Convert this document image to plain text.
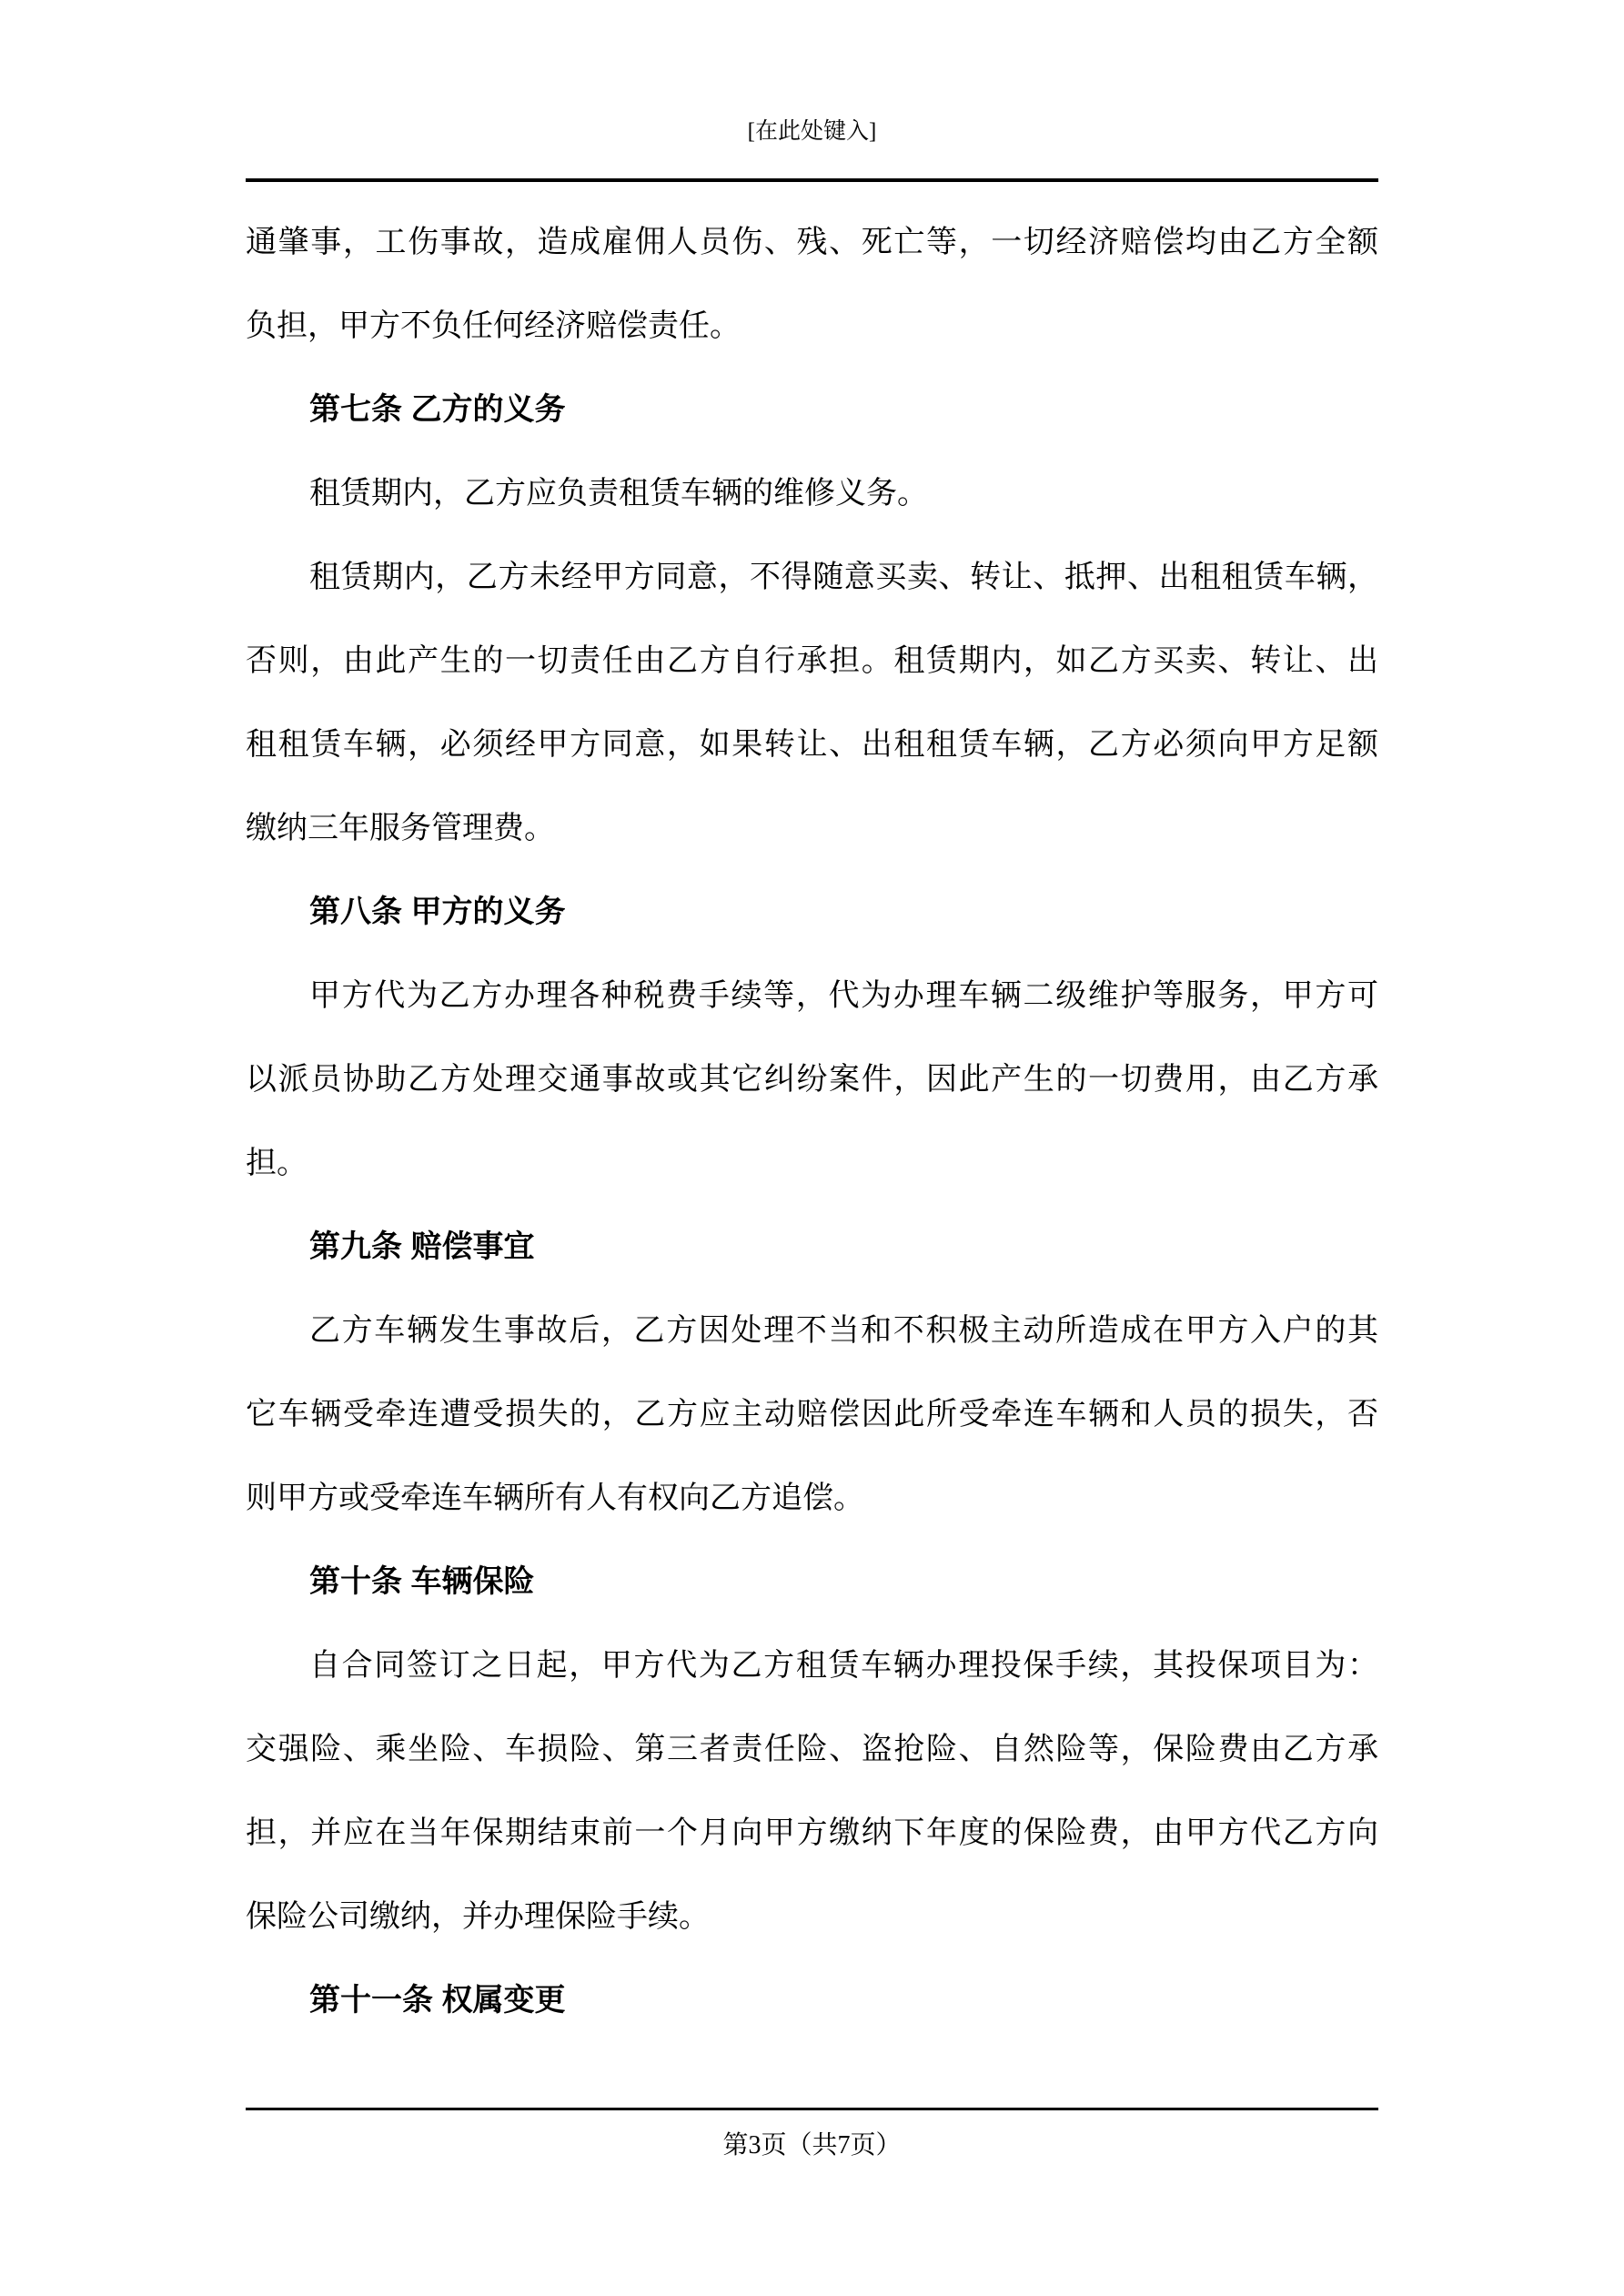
[在此处键入]
通肇事，工伤事故，造成雇佣人员伤、残、死亡等，一切经济赔偿均由乙方全额
负担，甲方不负任何经济赔偿责任。
第七条 乙方的义务
租赁期内，乙方应负责租赁车辆的维修义务。
租赁期内，乙方未经甲方同意，不得随意买卖、转让、抵押、出租租赁车辆，
否则，由此产生的一切责任由乙方自行承担。租赁期内，如乙方买卖、转让、出
租租赁车辆，必须经甲方同意，如果转让、出租租赁车辆，乙方必须向甲方足额
缴纳三年服务管理费。
第八条 甲方的义务
甲方代为乙方办理各种税费手续等，代为办理车辆二级维护等服务，甲方可
以派员协助乙方处理交通事故或其它纠纷案件，因此产生的一切费用，由乙方承
担。
第九条 赔偿事宜
乙方车辆发生事故后，乙方因处理不当和不积极主动所造成在甲方入户的其
它车辆受牵连遭受损失的，乙方应主动赔偿因此所受牵连车辆和人员的损失，否
则甲方或受牵连车辆所有人有权向乙方追偿。
第十条 车辆保险
自合同签订之日起，甲方代为乙方租赁车辆办理投保手续，其投保项目为：
交强险、乘坐险、车损险、第三者责任险、盗抢险、自然险等，保险费由乙方承
担，并应在当年保期结束前一个月向甲方缴纳下年度的保险费，由甲方代乙方向
保险公司缴纳，并办理保险手续。
第十一条 权属变更
第3页（共7页）
